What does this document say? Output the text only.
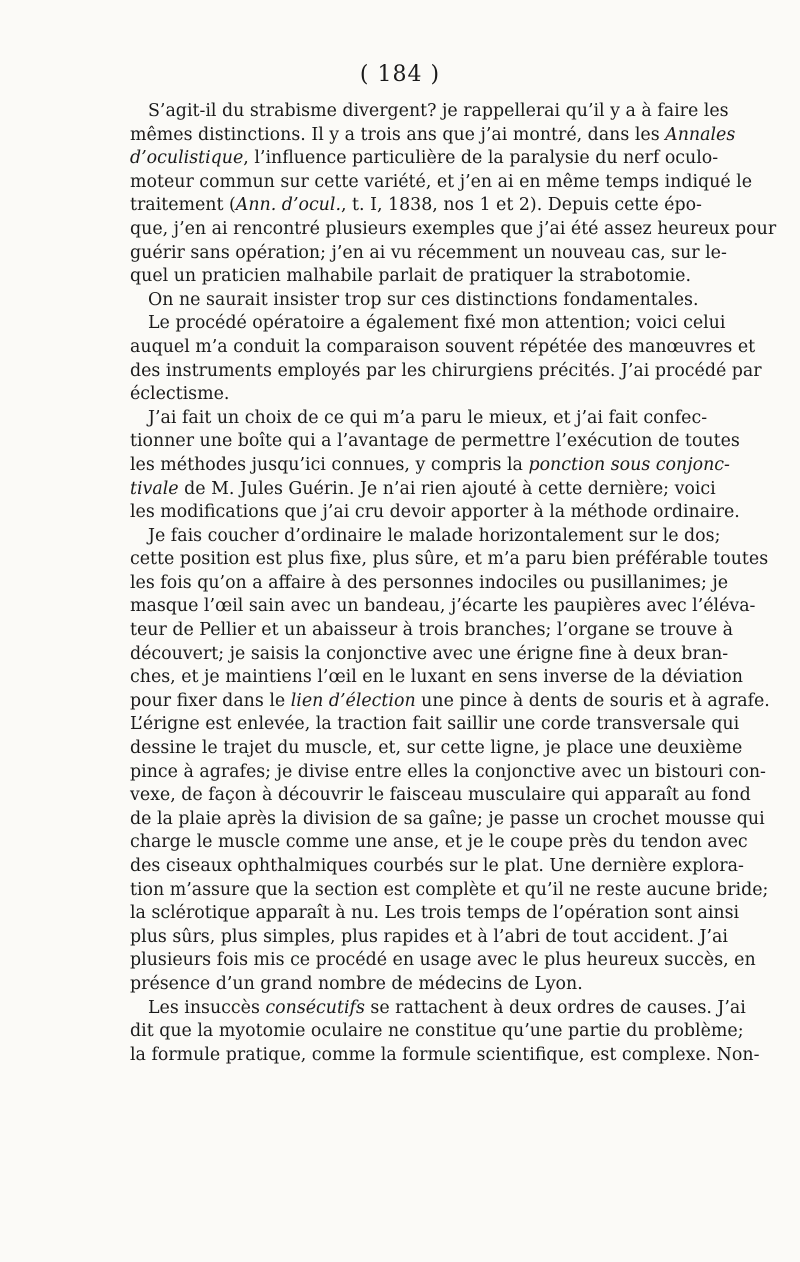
( 184 )
S’agit-il du strabisme divergent? je rappellerai qu’il y a à faire les
mêmes distinctions. Il y a trois ans que j’ai montré, dans les Annales
d’oculistique, l’influence particulière de la paralysie du nerf oculo-
moteur commun sur cette variété, et j’en ai en même temps indiqué le
traitement (Ann. d’ocul., t. I, 1838, nos 1 et 2). Depuis cette épo-
que, j’en ai rencontré plusieurs exemples que j’ai été assez heureux pour
guérir sans opération; j’en ai vu récemment un nouveau cas, sur le-
quel un praticien malhabile parlait de pratiquer la strabotomie.
On ne saurait insister trop sur ces distinctions fondamentales.
Le procédé opératoire a également fixé mon attention; voici celui
auquel m’a conduit la comparaison souvent répétée des manœuvres et
des instruments employés par les chirurgiens précités. J’ai procédé par
éclectisme.
J’ai fait un choix de ce qui m’a paru le mieux, et j’ai fait confec-
tionner une boîte qui a l’avantage de permettre l’exécution de toutes
les méthodes jusqu’ici connues, y compris la ponction sous conjonc-
tivale de M. Jules Guérin. Je n’ai rien ajouté à cette dernière; voici
les modifications que j’ai cru devoir apporter à la méthode ordinaire.
Je fais coucher d’ordinaire le malade horizontalement sur le dos;
cette position est plus fixe, plus sûre, et m’a paru bien préférable toutes
les fois qu’on a affaire à des personnes indociles ou pusillanimes; je
masque l’œil sain avec un bandeau, j’écarte les paupières avec l’éléva-
teur de Pellier et un abaisseur à trois branches; l’organe se trouve à
découvert; je saisis la conjonctive avec une érigne fine à deux bran-
ches, et je maintiens l’œil en le luxant en sens inverse de la déviation
pour fixer dans le lien d’élection une pince à dents de souris et à agrafe.
L’érigne est enlevée, la traction fait saillir une corde transversale qui
dessine le trajet du muscle, et, sur cette ligne, je place une deuxième
pince à agrafes; je divise entre elles la conjonctive avec un bistouri con-
vexe, de façon à découvrir le faisceau musculaire qui apparaît au fond
de la plaie après la division de sa gaîne; je passe un crochet mousse qui
charge le muscle comme une anse, et je le coupe près du tendon avec
des ciseaux ophthalmiques courbés sur le plat. Une dernière explora-
tion m’assure que la section est complète et qu’il ne reste aucune bride;
la sclérotique apparaît à nu. Les trois temps de l’opération sont ainsi
plus sûrs, plus simples, plus rapides et à l’abri de tout accident. J’ai
plusieurs fois mis ce procédé en usage avec le plus heureux succès, en
présence d’un grand nombre de médecins de Lyon.
Les insuccès consécutifs se rattachent à deux ordres de causes. J’ai
dit que la myotomie oculaire ne constitue qu’une partie du problème;
la formule pratique, comme la formule scientifique, est complexe. Non-
